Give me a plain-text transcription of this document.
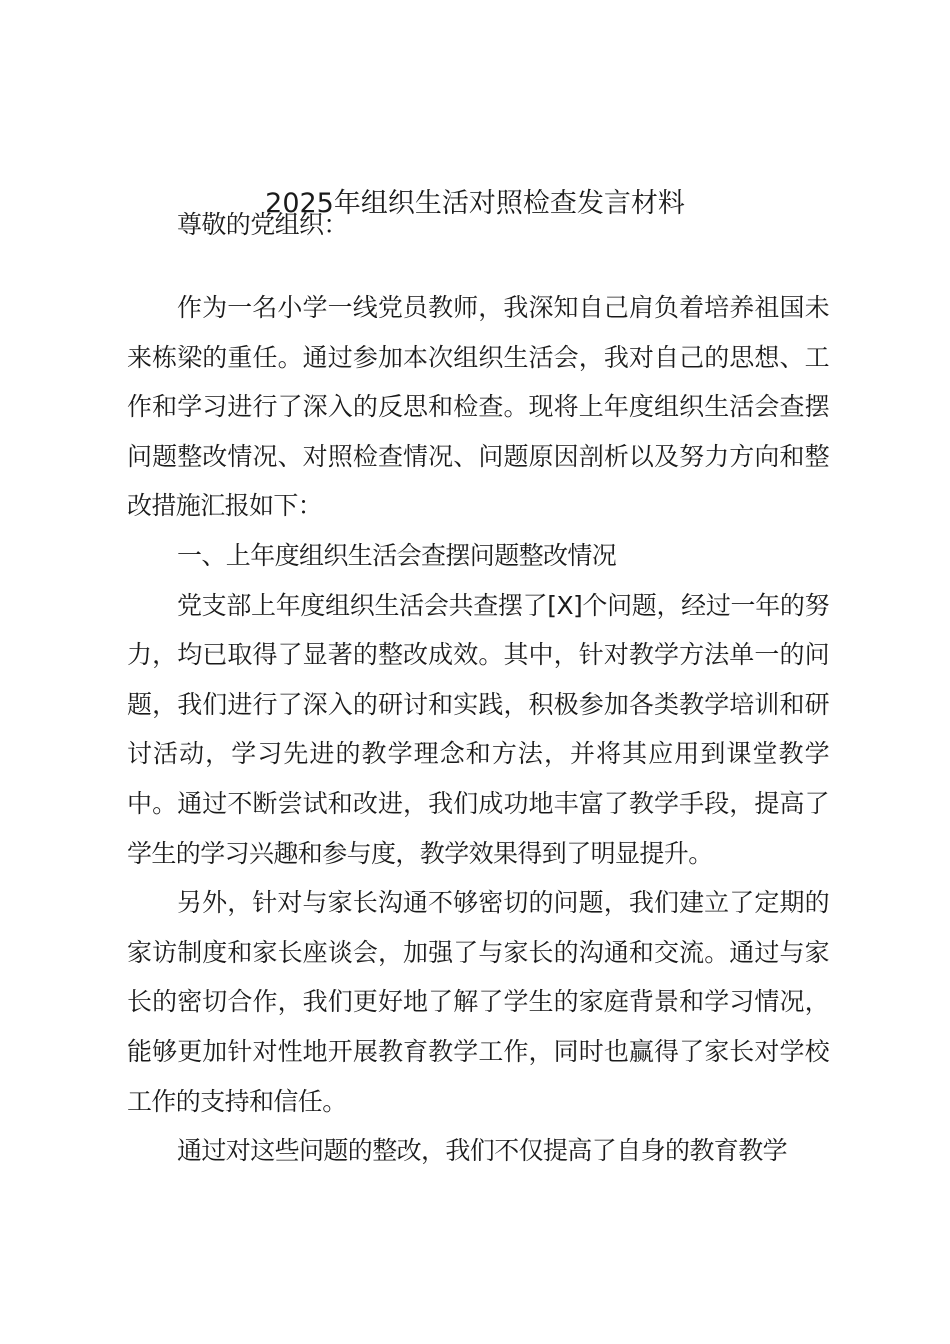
2025年组织生活对照检查发言材料
尊敬的党组织：

作为一名小学一线党员教师，我深知自己肩负着培养祖国未来栋梁的重任。通过参加本次组织生活会，我对自己的思想、工作和学习进行了深入的反思和检查。现将上年度组织生活会查摆问题整改情况、对照检查情况、问题原因剖析以及努力方向和整改措施汇报如下：

一、上年度组织生活会查摆问题整改情况

党支部上年度组织生活会共查摆了[X]个问题，经过一年的努力，均已取得了显著的整改成效。其中，针对教学方法单一的问题，我们进行了深入的研讨和实践，积极参加各类教学培训和研讨活动，学习先进的教学理念和方法，并将其应用到课堂教学中。通过不断尝试和改进，我们成功地丰富了教学手段，提高了学生的学习兴趣和参与度，教学效果得到了明显提升。

另外，针对与家长沟通不够密切的问题，我们建立了定期的家访制度和家长座谈会，加强了与家长的沟通和交流。通过与家长的密切合作，我们更好地了解了学生的家庭背景和学习情况，能够更加针对性地开展教育教学工作，同时也赢得了家长对学校工作的支持和信任。

通过对这些问题的整改，我们不仅提高了自身的教育教学
